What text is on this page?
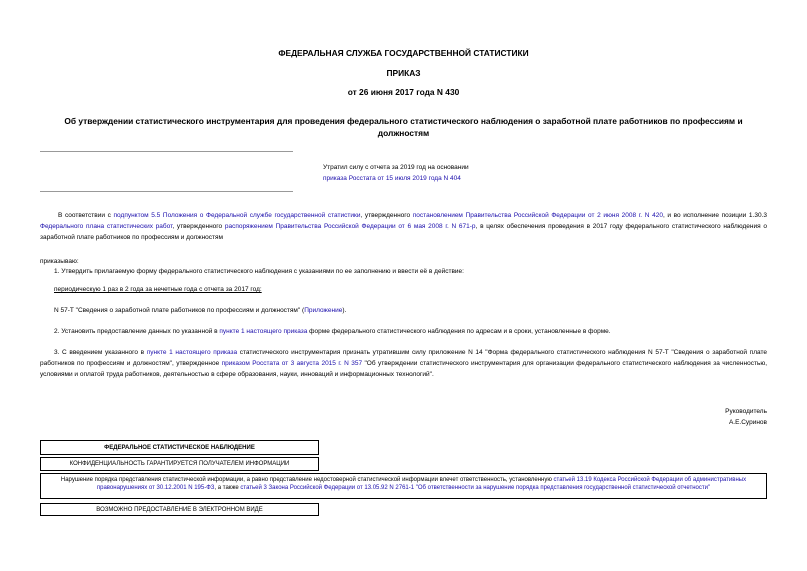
ФЕДЕРАЛЬНАЯ СЛУЖБА ГОСУДАРСТВЕННОЙ СТАТИСТИКИ
ПРИКАЗ
от 26 июня 2017 года N 430
Об утверждении статистического инструментария для проведения федерального статистического наблюдения о заработной плате работников по профессиям и должностям
Утратил силу с отчета за 2019 год на основании
приказа Росстата от 15 июля 2019 года N 404
В соответствии с подпунктом 5.5 Положения о Федеральной службе государственной статистики, утвержденного постановлением Правительства Российской Федерации от 2 июня 2008 г. N 420, и во исполнение позиции 1.30.3 Федерального плана статистических работ, утвержденного распоряжением Правительства Российской Федерации от 6 мая 2008 г. N 671-р, в целях обеспечения проведения в 2017 году федерального статистического наблюдения о заработной плате работников по профессиям и должностям
приказываю:
1. Утвердить прилагаемую форму федерального статистического наблюдения с указаниями по ее заполнению и ввести её в действие:
периодическую 1 раз в 2 года за нечетные года с отчета за 2017 год:
N 57-Т "Сведения о заработной плате работников по профессиям и должностям" (Приложение).
2. Установить предоставление данных по указанной в пункте 1 настоящего приказа форме федерального статистического наблюдения по адресам и в сроки, установленные в форме.
3. С введением указанного в пункте 1 настоящего приказа статистического инструментария признать утратившим силу приложение N 14 "Форма федерального статистического наблюдения N 57-Т "Сведения о заработной плате работников по профессиям и должностям", утвержденное приказом Росстата от 3 августа 2015 г. N 357 "Об утверждении статистического инструментария для организации федерального статистического наблюдения за численностью, условиями и оплатой труда работников, деятельностью в сфере образования, науки, инноваций и информационных технологий".
Руководитель
А.Е.Суринов
ФЕДЕРАЛЬНОЕ СТАТИСТИЧЕСКОЕ НАБЛЮДЕНИЕ
КОНФИДЕНЦИАЛЬНОСТЬ ГАРАНТИРУЕТСЯ ПОЛУЧАТЕЛЕМ ИНФОРМАЦИИ
Нарушение порядка представления статистической информации, а равно представление недостоверной статистической информации влечет ответственность, установленную статьей 13.19 Кодекса Российской Федерации об административных правонарушениях от 30.12.2001 N 195-ФЗ, а также статьей 3 Закона Российской Федерации от 13.05.92 N 2761-1 "Об ответственности за нарушение порядка представления государственной статистической отчетности"
ВОЗМОЖНО ПРЕДОСТАВЛЕНИЕ В ЭЛЕКТРОННОМ ВИДЕ
